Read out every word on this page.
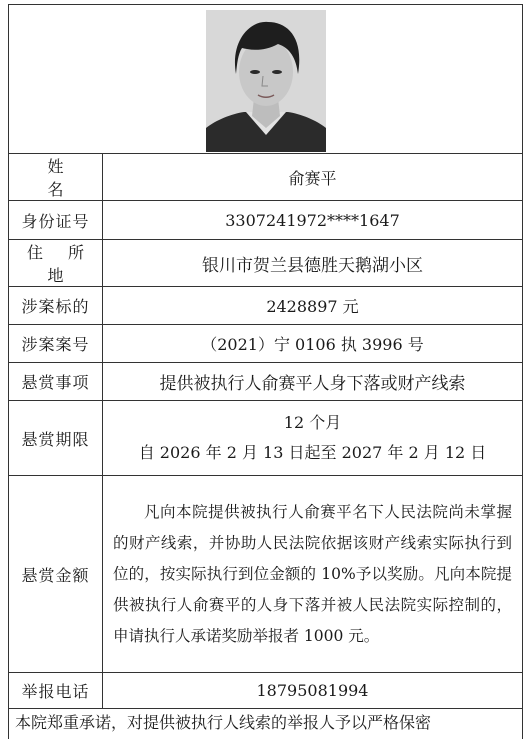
姓 名	俞赛平
身份证号	3307241972****1647
住 所 地	银川市贺兰县德胜天鹅湖小区
涉案标的	2428897 元
涉案案号	（2021）宁 0106 执 3996 号
悬赏事项	提供被执行人俞赛平人身下落或财产线索
悬赏期限	12 个月
自 2026 年 2 月 13 日起至 2027 年 2 月 12 日

悬赏金额	凡向本院提供被执行人俞赛平名下人民法院尚未掌握的财产线索，并协助人民法院依据该财产线索实际执行到位的，按实际执行到位金额的 10%予以奖励。凡向本院提供被执行人俞赛平的人身下落并被人民法院实际控制的，申请执行人承诺奖励举报者 1000 元。

举报电话	18795081994
本院郑重承诺，对提供被执行人线索的举报人予以严格保密
